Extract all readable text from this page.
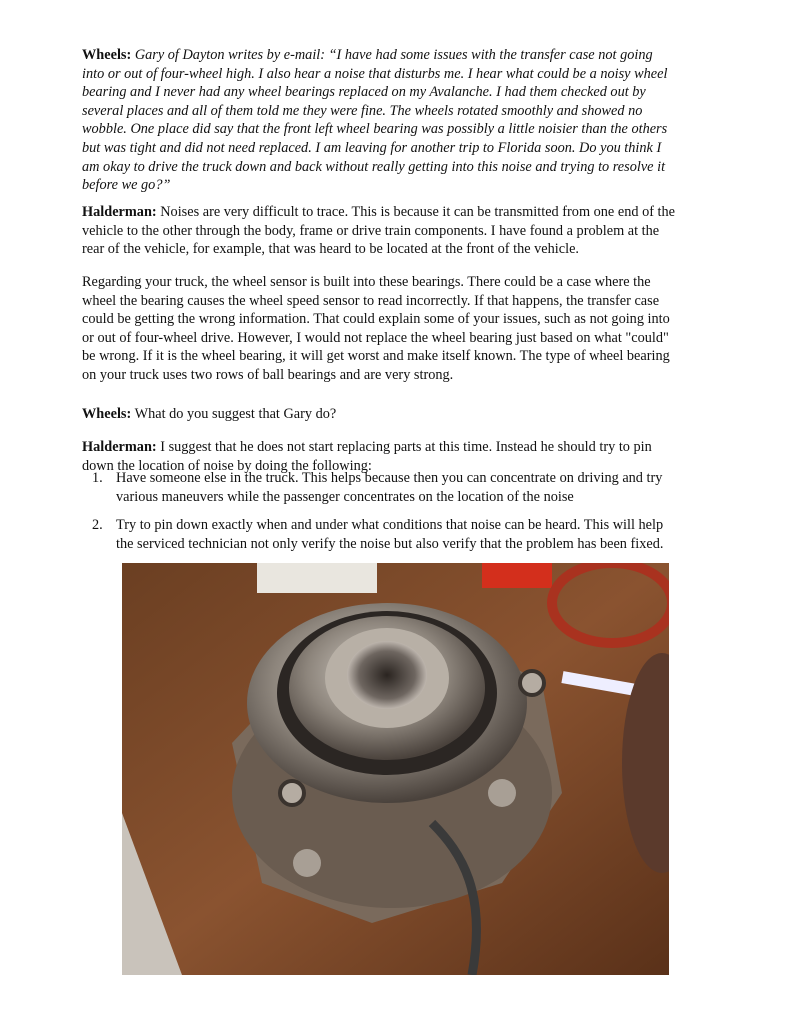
Wheels: Gary of Dayton writes by e-mail: “I have had some issues with the transfer case not going
into or out of four-wheel high. I also hear a noise that disturbs me. I hear what could be a noisy wheel
bearing and I never had any wheel bearings replaced on my Avalanche. I had them checked out by
several places and all of them told me they were fine. The wheels rotated smoothly and showed no
wobble. One place did say that the front left wheel bearing was possibly a little noisier than the others
but was tight and did not need replaced. I am leaving for another trip to Florida soon. Do you think I
am okay to drive the truck down and back without really getting into this noise and trying to resolve it
before we go?”
Halderman: Noises are very difficult to trace. This is because it can be transmitted from one end of the
vehicle to the other through the body, frame or drive train components. I have found a problem at the
rear of the vehicle, for example, that was heard to be located at the front of the vehicle.
Regarding your truck, the wheel sensor is built into these bearings. There could be a case where the
wheel the bearing causes the wheel speed sensor to read incorrectly. If that happens, the transfer case
could be getting the wrong information. That could explain some of your issues, such as not going into
or out of four-wheel drive. However, I would not replace the wheel bearing just based on what "could"
be wrong. If it is the wheel bearing, it will get worst and make itself known. The type of wheel bearing
on your truck uses two rows of ball bearings and are very strong.
Wheels: What do you suggest that Gary do?
Halderman: I suggest that he does not start replacing parts at this time. Instead he should try to pin
down the location of noise by doing the following:
1. Have someone else in the truck. This helps because then you can concentrate on driving and try
various maneuvers while the passenger concentrates on the location of the noise
2. Try to pin down exactly when and under what conditions that noise can be heard. This will help
the serviced technician not only verify the noise but also verify that the problem has been fixed.
